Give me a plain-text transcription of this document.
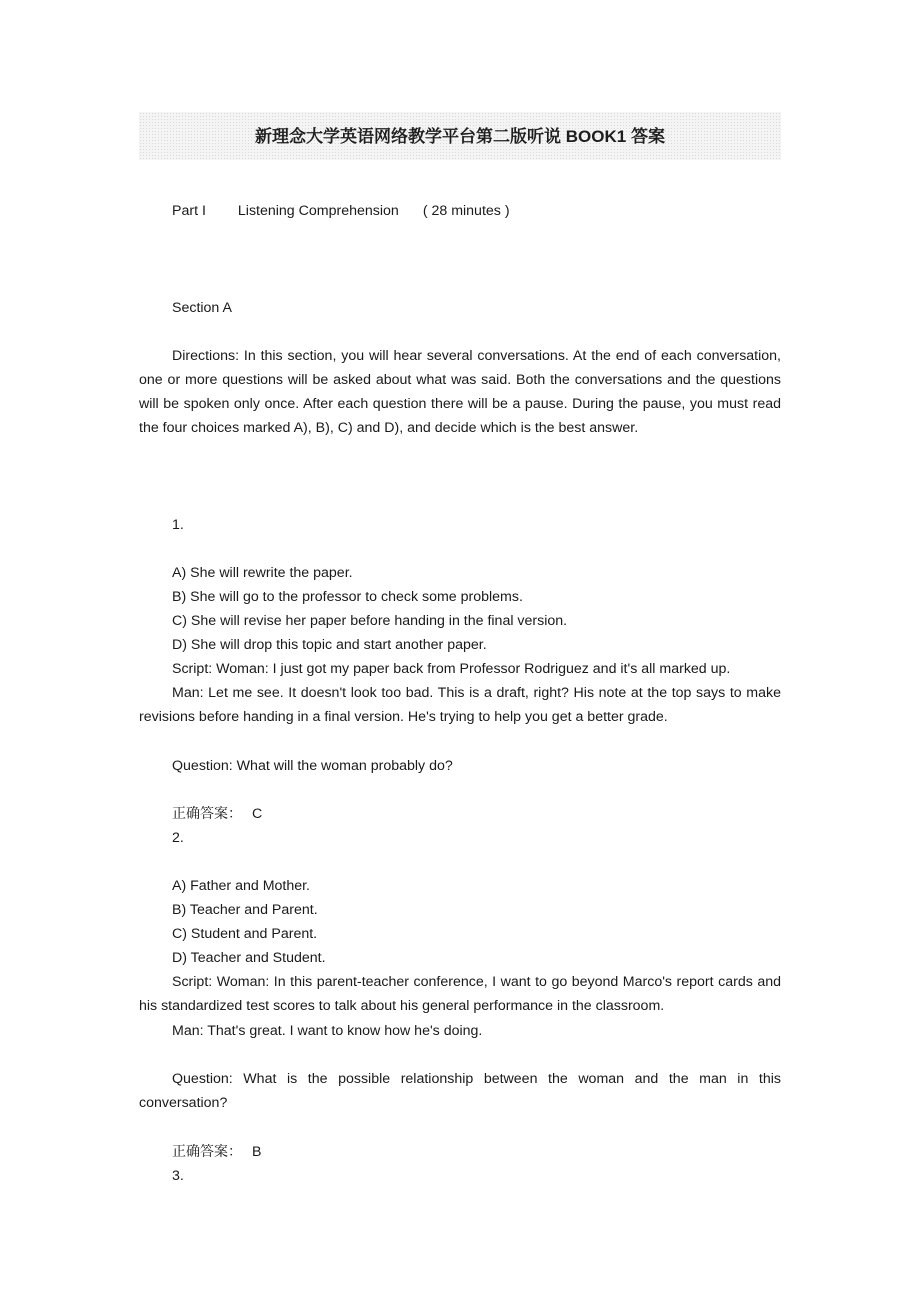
新理念大学英语网络教学平台第二版听说 BOOK1 答案
Part I Listening Comprehension ( 28 minutes )
Section A
Directions: In this section, you will hear several conversations. At the end of each conversation, one or more questions will be asked about what was said. Both the conversations and the questions will be spoken only once. After each question there will be a pause. During the pause, you must read the four choices marked A), B), C) and D), and decide which is the best answer.
1.
A) She will rewrite the paper.
B) She will go to the professor to check some problems.
C) She will revise her paper before handing in the final version.
D) She will drop this topic and start another paper.
Script: Woman: I just got my paper back from Professor Rodriguez and it's all marked up.
Man: Let me see. It doesn't look too bad. This is a draft, right? His note at the top says to make revisions before handing in a final version. He's trying to help you get a better grade.
Question: What will the woman probably do?
正确答案： C
2.
A) Father and Mother.
B) Teacher and Parent.
C) Student and Parent.
D) Teacher and Student.
Script: Woman: In this parent-teacher conference, I want to go beyond Marco's report cards and his standardized test scores to talk about his general performance in the classroom.
Man: That's great. I want to know how he's doing.
Question: What is the possible relationship between the woman and the man in this conversation?
正确答案： B
3.
